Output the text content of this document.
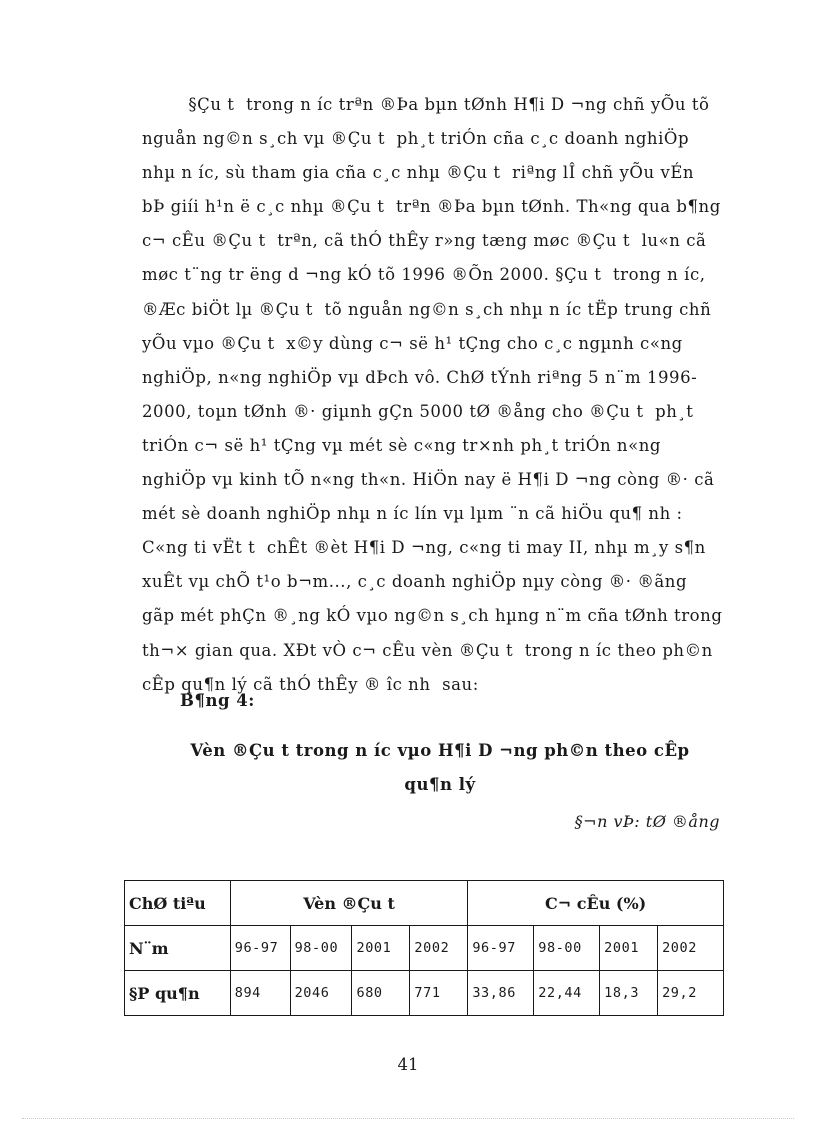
§Çu t  trong n íc trªn ®Þa bµn tØnh H¶i D ¬ng chñ yÕu tõ
nguån ng©n s¸ch vµ ®Çu t  ph¸t triÓn cña c¸c doanh nghiÖp
nhµ n íc, sù tham gia cña c¸c nhµ ®Çu t  riªng lÎ chñ yÕu vÉn
bÞ giíi h¹n ë c¸c nhµ ®Çu t  trªn ®Þa bµn tØnh. Th«ng qua b¶ng
c¬ cÊu ®Çu t  trªn, cã thÓ thÊy r»ng tæng møc ®Çu t  lu«n cã
møc t¨ng tr ëng d ¬ng kÓ tõ 1996 ®Õn 2000. §Çu t  trong n íc,
®Æc biÖt lµ ®Çu t  tõ nguån ng©n s¸ch nhµ n íc tËp trung chñ
yÕu vµo ®Çu t  x©y dùng c¬ së h¹ tÇng cho c¸c ngµnh c«ng
nghiÖp, n«ng nghiÖp vµ dÞch vô. ChØ tÝnh riªng 5 n¨m 1996-
2000, toµn tØnh ®· giµnh gÇn 5000 tØ ®ång cho ®Çu t  ph¸t
triÓn c¬ së h¹ tÇng vµ mét sè c«ng tr×nh ph¸t triÓn n«ng
nghiÖp vµ kinh tÕ n«ng th«n. HiÖn nay ë H¶i D ¬ng còng ®· cã
mét sè doanh nghiÖp nhµ n íc lín vµ lµm ¨n cã hiÖu qu¶ nh :
C«ng ti vËt t  chÊt ®èt H¶i D ¬ng, c«ng ti may II, nhµ m¸y s¶n
xuÊt vµ chÕ t¹o b¬m..., c¸c doanh nghiÖp nµy còng ®· ®ãng
gãp mét phÇn ®¸ng kÓ vµo ng©n s¸ch hµng n¨m cña tØnh trong
th¬× gian qua. XÐt vÒ c¬ cÊu vèn ®Çu t  trong n íc theo ph©n
cÊp qu¶n lý cã thÓ thÊy ® îc nh  sau:
B¶ng 4:
Vèn ®Çu t trong n íc vµo H¶i D ¬ng ph©n theo cÊp
qu¶n lý
§¬n vÞ: tØ ®ång
ChØ tiªu	Vèn ®Çu t				C¬ cÊu (%)			
N¨m	96-97	98-00	2001	2002	96-97	98-00	2001	2002
§P qu¶n	894	2046	680	771	33,86	22,44	18,3	29,2
41
